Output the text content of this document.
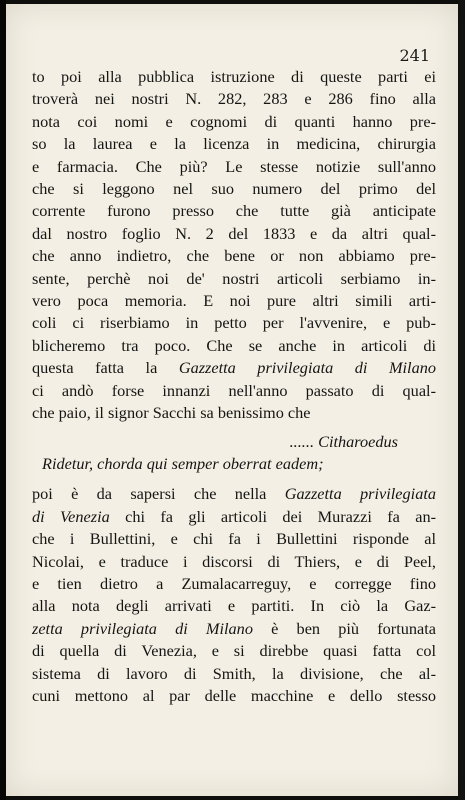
241
to poi alla pubblica istruzione di queste parti ei
troverà nei nostri N. 282, 283 e 286 fino alla
nota coi nomi e cognomi di quanti hanno pre-
so la laurea e la licenza in medicina, chirurgia
e farmacia. Che più? Le stesse notizie sull'anno
che si leggono nel suo numero del primo del
corrente furono presso che tutte già anticipate
dal nostro foglio N. 2 del 1833 e da altri qual-
che anno indietro, che bene or non abbiamo pre-
sente, perchè noi de' nostri articoli serbiamo in-
vero poca memoria. E noi pure altri simili arti-
coli ci riserbiamo in petto per l'avvenire, e pub-
blicheremo tra poco. Che se anche in articoli di
questa fatta la Gazzetta privilegiata di Milano
ci andò forse innanzi nell'anno passato di qual-
che paio, il signor Sacchi sa benissimo che
...... Citharoedus
Ridetur, chorda qui semper oberrat eadem;
poi è da sapersi che nella Gazzetta privilegiata
di Venezia chi fa gli articoli dei Murazzi fa an-
che i Bullettini, e chi fa i Bullettini risponde al
Nicolai, e traduce i discorsi di Thiers, e di Peel,
e tien dietro a Zumalacarreguy, e corregge fino
alla nota degli arrivati e partiti. In ciò la Gaz-
zetta privilegiata di Milano è ben più fortunata
di quella di Venezia, e si direbbe quasi fatta col
sistema di lavoro di Smith, la divisione, che al-
cuni mettono al par delle macchine e dello stesso
